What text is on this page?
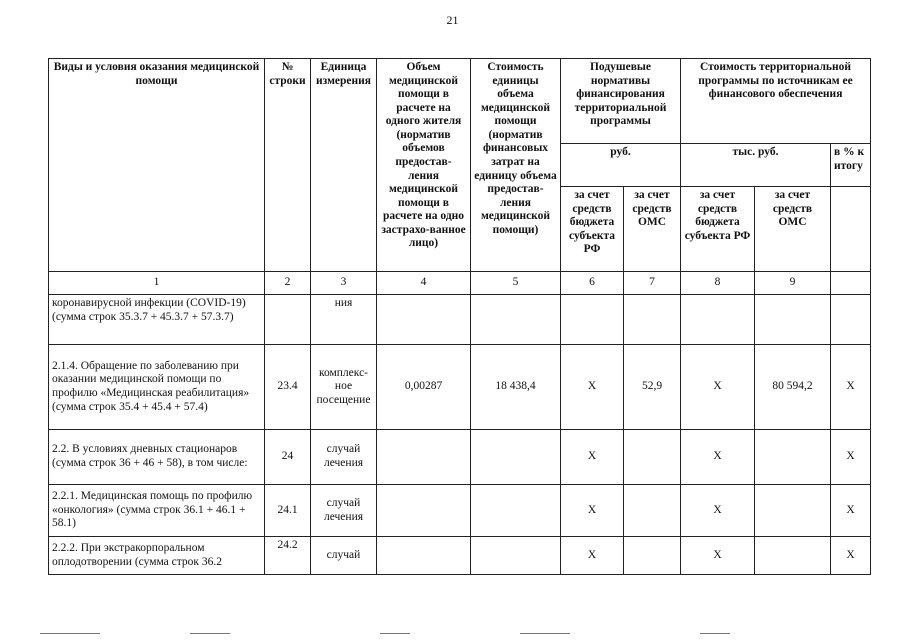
21
Виды и условия оказания медицинской помощи	№ строки	Единица измерения	Объем медицинской помощи в расчете на одного жителя (норматив объемов предостав-ления медицинской помощи в расчете на одно застрахо-ванное лицо)	Стоимость единицы объема медицинской помощи (норматив финансовых затрат на единицу объема предостав-ления медицинской помощи)	Подушевые нормативы финансирования территориальной программы		Стоимость территориальной программы по источникам ее финансового обеспечения		
					руб.		тыс. руб.		в % к итогу
					за счет средств бюджета субъекта РФ	за счет средств ОМС	за счет средств бюджета субъекта РФ	за счет средств ОМС	
1	2	3	4	5	6	7	8	9	
коронавирусной инфекции (COVID-19) (сумма строк 35.3.7 + 45.3.7 + 57.3.7)		ния							
2.1.4. Обращение по заболеванию при оказании медицинской помощи по профилю «Медицинская реабилитация» (сумма строк 35.4 + 45.4 + 57.4)	23.4	комплекс-ное посещение	0,00287	18 438,4	X	52,9	X	80 594,2	X
2.2. В условиях дневных стационаров (сумма строк 36 + 46 + 58), в том числе:	24	случай лечения			X		X		X
2.2.1. Медицинская помощь по профилю «онкология» (сумма строк 36.1 + 46.1 + 58.1)	24.1	случай лечения			X		X		X
2.2.2. При экстракорпоральном оплодотворении (сумма строк 36.2	24.2	случай			X		X		X
